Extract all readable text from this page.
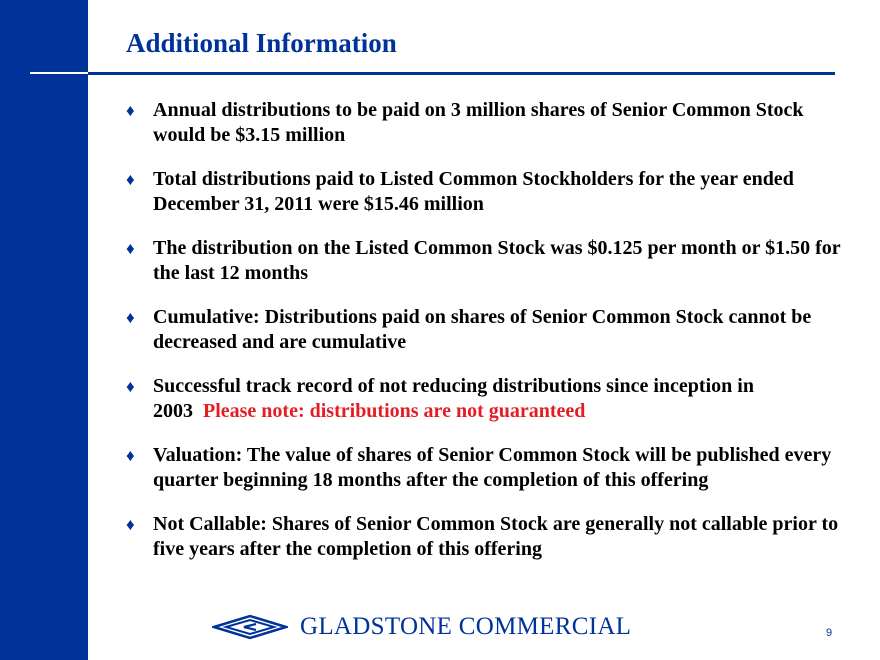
Additional Information
♦ Annual distributions to be paid on 3 million shares of Senior Common Stock would be $3.15 million
♦ Total distributions paid to Listed Common Stockholders for the year ended December 31, 2011 were $15.46 million
♦ The distribution on the Listed Common Stock was $0.125 per month or $1.50 for the last 12 months
♦ Cumulative: Distributions paid on shares of Senior Common Stock cannot be decreased and are cumulative
♦ Successful track record of not reducing distributions since inception in 2003 Please note: distributions are not guaranteed
♦ Valuation: The value of shares of Senior Common Stock will be published every quarter beginning 18 months after the completion of this offering
♦ Not Callable: Shares of Senior Common Stock are generally not callable prior to five years after the completion of this offering
GLADSTONE COMMERCIAL	9
